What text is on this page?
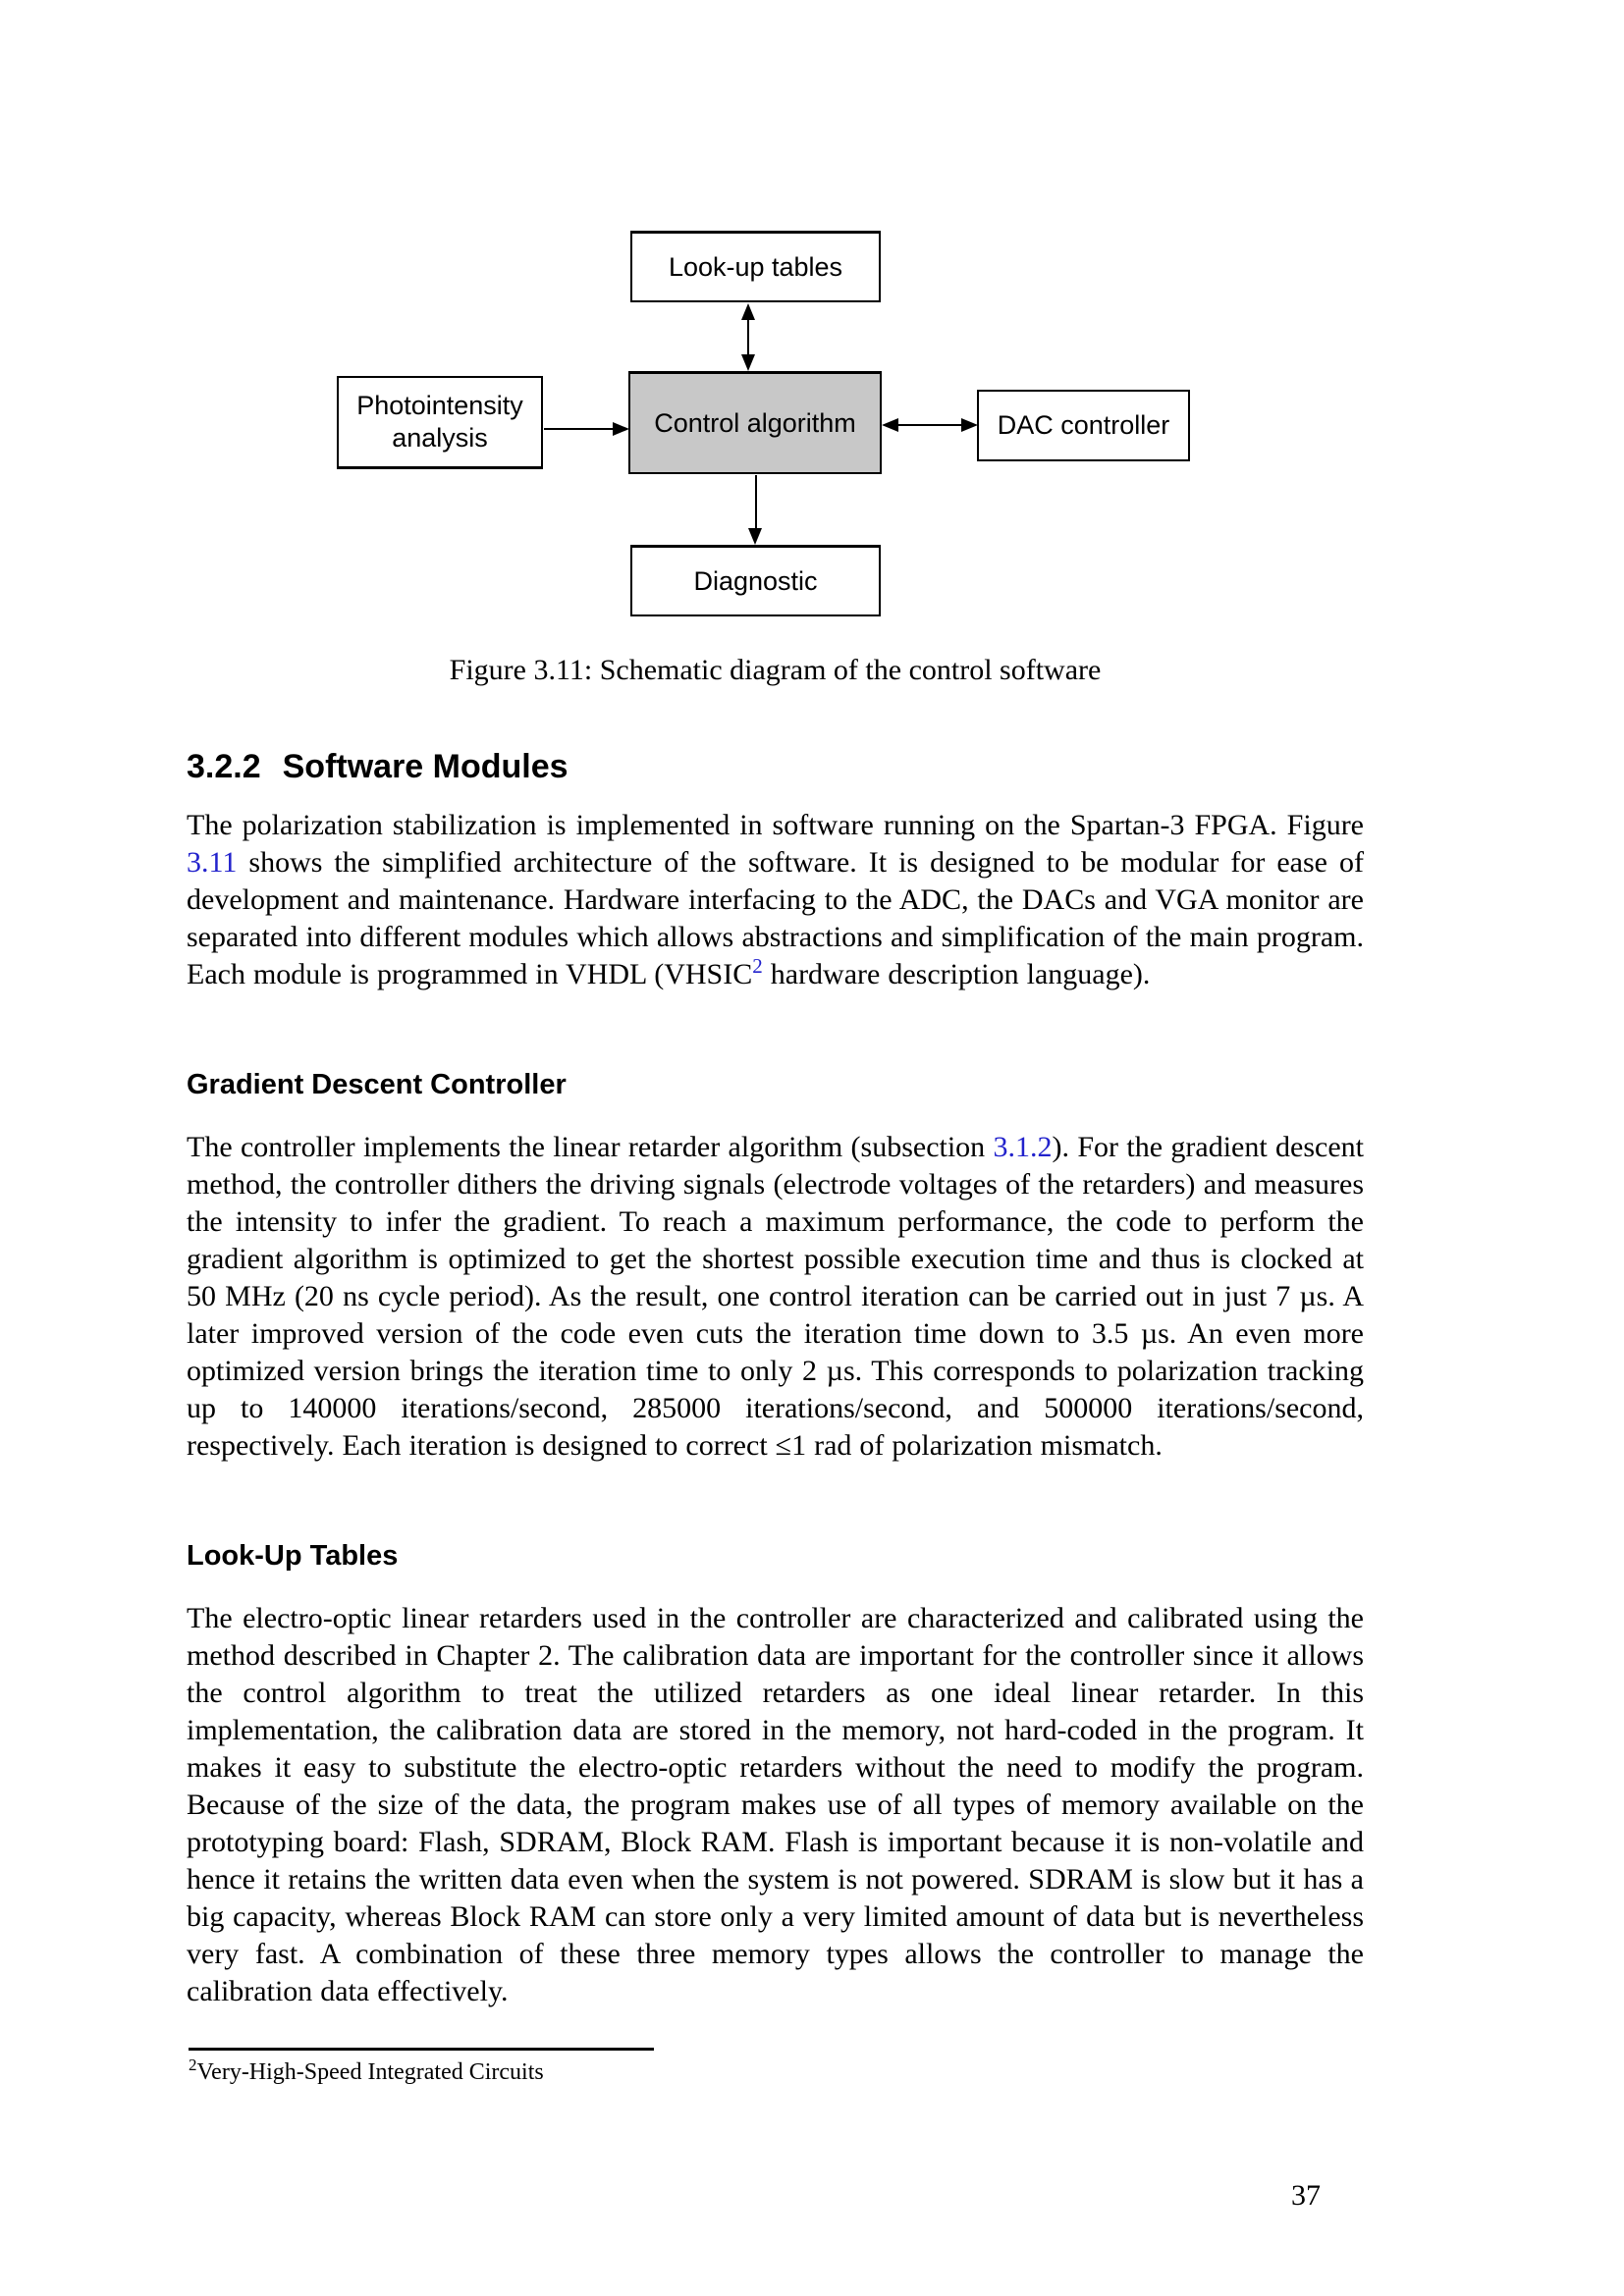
Look-up tables
Photointensity
analysis
Control algorithm	DAC controller
Diagnostic
Figure 3.11: Schematic diagram of the control software
3.2.2 Software Modules

The polarization stabilization is implemented in software running on the Spartan-3 FPGA. Figure 3.11 shows the simplified architecture of the software. It is designed to be modular for ease of development and maintenance. Hardware interfacing to the ADC, the DACs and VGA monitor are separated into different modules which allows abstractions and simplification of the main program. Each module is programmed in VHDL (VHSIC$^2$ hardware description language).

Gradient Descent Controller

The controller implements the linear retarder algorithm (subsection 3.1.2). For the gradient descent method, the controller dithers the driving signals (electrode voltages of the retarders) and measures the intensity to infer the gradient. To reach a maximum performance, the code to perform the gradient algorithm is optimized to get the shortest possible execution time and thus is clocked at 50 MHz (20 ns cycle period). As the result, one control iteration can be carried out in just 7 µs. A later improved version of the code even cuts the iteration time down to 3.5 µs. An even more optimized version brings the iteration time to only 2 µs. This corresponds to polarization tracking up to 140000 iterations/second, 285000 iterations/second, and 500000 iterations/second, respectively. Each iteration is designed to correct ≤1 rad of polarization mismatch.

Look-Up Tables

The electro-optic linear retarders used in the controller are characterized and calibrated using the method described in Chapter 2. The calibration data are important for the controller since it allows the control algorithm to treat the utilized retarders as one ideal linear retarder. In this implementation, the calibration data are stored in the memory, not hard-coded in the program. It makes it easy to substitute the electro-optic retarders without the need to modify the program. Because of the size of the data, the program makes use of all types of memory available on the prototyping board: Flash, SDRAM, Block RAM. Flash is important because it is non-volatile and hence it retains the written data even when the system is not powered. SDRAM is slow but it has a big capacity, whereas Block RAM can store only a very limited amount of data but is nevertheless very fast. A combination of these three memory types allows the controller to manage the calibration data effectively.

$^2$Very-High-Speed Integrated Circuits
37
